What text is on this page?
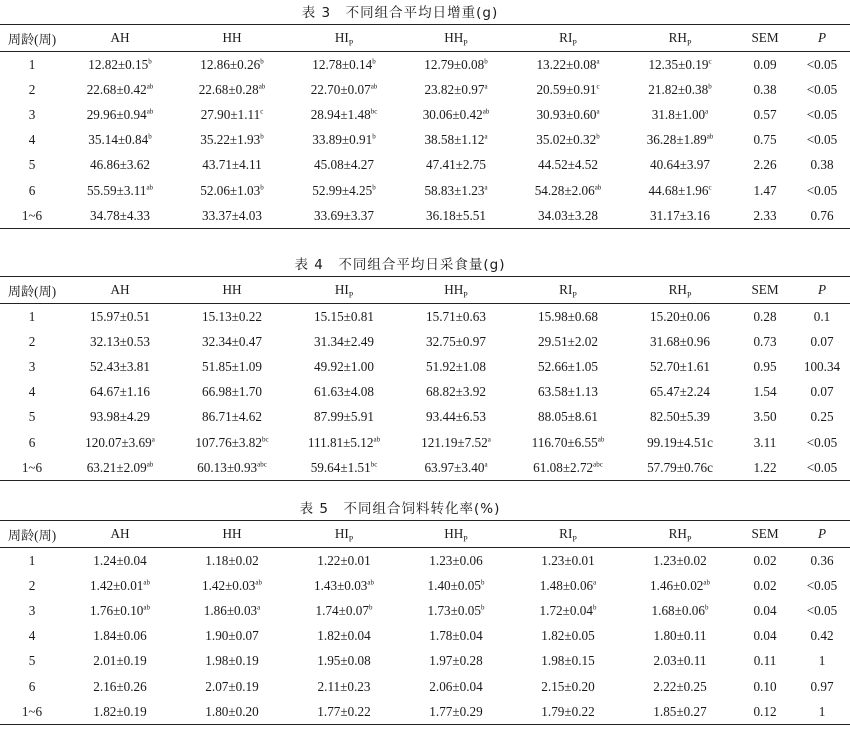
表 3　不同组合平均日增重(g)
周龄(周)	AH	HH	$HI_P$	$HH_P$	$RI_P$	$RH_P$	SEM	P
1	12.82±0.15$^b$	12.86±0.26$^b$	12.78±0.14$^b$	12.79±0.08$^b$	13.22±0.08$^a$	12.35±0.19$^c$	0.09	<0.05
2	22.68±0.42$^{ab}$	22.68±0.28$^{ab}$	22.70±0.07$^{ab}$	23.82±0.97$^a$	20.59±0.91$^c$	21.82±0.38$^b$	0.38	<0.05
3	29.96±0.94$^{ab}$	27.90±1.11$^c$	28.94±1.48$^{bc}$	30.06±0.42$^{ab}$	30.93±0.60$^a$	31.8±1.00$^a$	0.57	<0.05
4	35.14±0.84$^b$	35.22±1.93$^b$	33.89±0.91$^b$	38.58±1.12$^a$	35.02±0.32$^b$	36.28±1.89$^{ab}$	0.75	<0.05
5	46.86±3.62	43.71±4.11	45.08±4.27	47.41±2.75	44.52±4.52	40.64±3.97	2.26	0.38
6	55.59±3.11$^{ab}$	52.06±1.03$^b$	52.99±4.25$^b$	58.83±1.23$^a$	54.28±2.06$^{ab}$	44.68±1.96$^c$	1.47	<0.05
1~6	34.78±4.33	33.37±4.03	33.69±3.37	36.18±5.51	34.03±3.28	31.17±3.16	2.33	0.76
表 4　不同组合平均日采食量(g)
周龄(周)	AH	HH	$HI_P$	$HH_P$	$RI_P$	$RH_P$	SEM	P
1	15.97±0.51	15.13±0.22	15.15±0.81	15.71±0.63	15.98±0.68	15.20±0.06	0.28	0.1
2	32.13±0.53	32.34±0.47	31.34±2.49	32.75±0.97	29.51±2.02	31.68±0.96	0.73	0.07
3	52.43±3.81	51.85±1.09	49.92±1.00	51.92±1.08	52.66±1.05	52.70±1.61	0.95	100.34
4	64.67±1.16	66.98±1.70	61.63±4.08	68.82±3.92	63.58±1.13	65.47±2.24	1.54	0.07
5	93.98±4.29	86.71±4.62	87.99±5.91	93.44±6.53	88.05±8.61	82.50±5.39	3.50	0.25
6	120.07±3.69$^a$	107.76±3.82$^{bc}$	111.81±5.12$^{ab}$	121.19±7.52$^a$	116.70±6.55$^{ab}$	99.19±4.51c	3.11	<0.05
1~6	63.21±2.09$^{ab}$	60.13±0.93$^{abc}$	59.64±1.51$^{bc}$	63.97±3.40$^a$	61.08±2.72$^{abc}$	57.79±0.76c	1.22	<0.05
表 5　不同组合饲料转化率(%)
周龄(周)	AH	HH	$HI_P$	$HH_P$	$RI_P$	$RH_P$	SEM	P
1	1.24±0.04	1.18±0.02	1.22±0.01	1.23±0.06	1.23±0.01	1.23±0.02	0.02	0.36
2	1.42±0.01$^{ab}$	1.42±0.03$^{ab}$	1.43±0.03$^{ab}$	1.40±0.05$^b$	1.48±0.06$^a$	1.46±0.02$^{ab}$	0.02	<0.05
3	1.76±0.10$^{ab}$	1.86±0.03$^a$	1.74±0.07$^b$	1.73±0.05$^b$	1.72±0.04$^b$	1.68±0.06$^b$	0.04	<0.05
4	1.84±0.06	1.90±0.07	1.82±0.04	1.78±0.04	1.82±0.05	1.80±0.11	0.04	0.42
5	2.01±0.19	1.98±0.19	1.95±0.08	1.97±0.28	1.98±0.15	2.03±0.11	0.11	1
6	2.16±0.26	2.07±0.19	2.11±0.23	2.06±0.04	2.15±0.20	2.22±0.25	0.10	0.97
1~6	1.82±0.19	1.80±0.20	1.77±0.22	1.77±0.29	1.79±0.22	1.85±0.27	0.12	1
